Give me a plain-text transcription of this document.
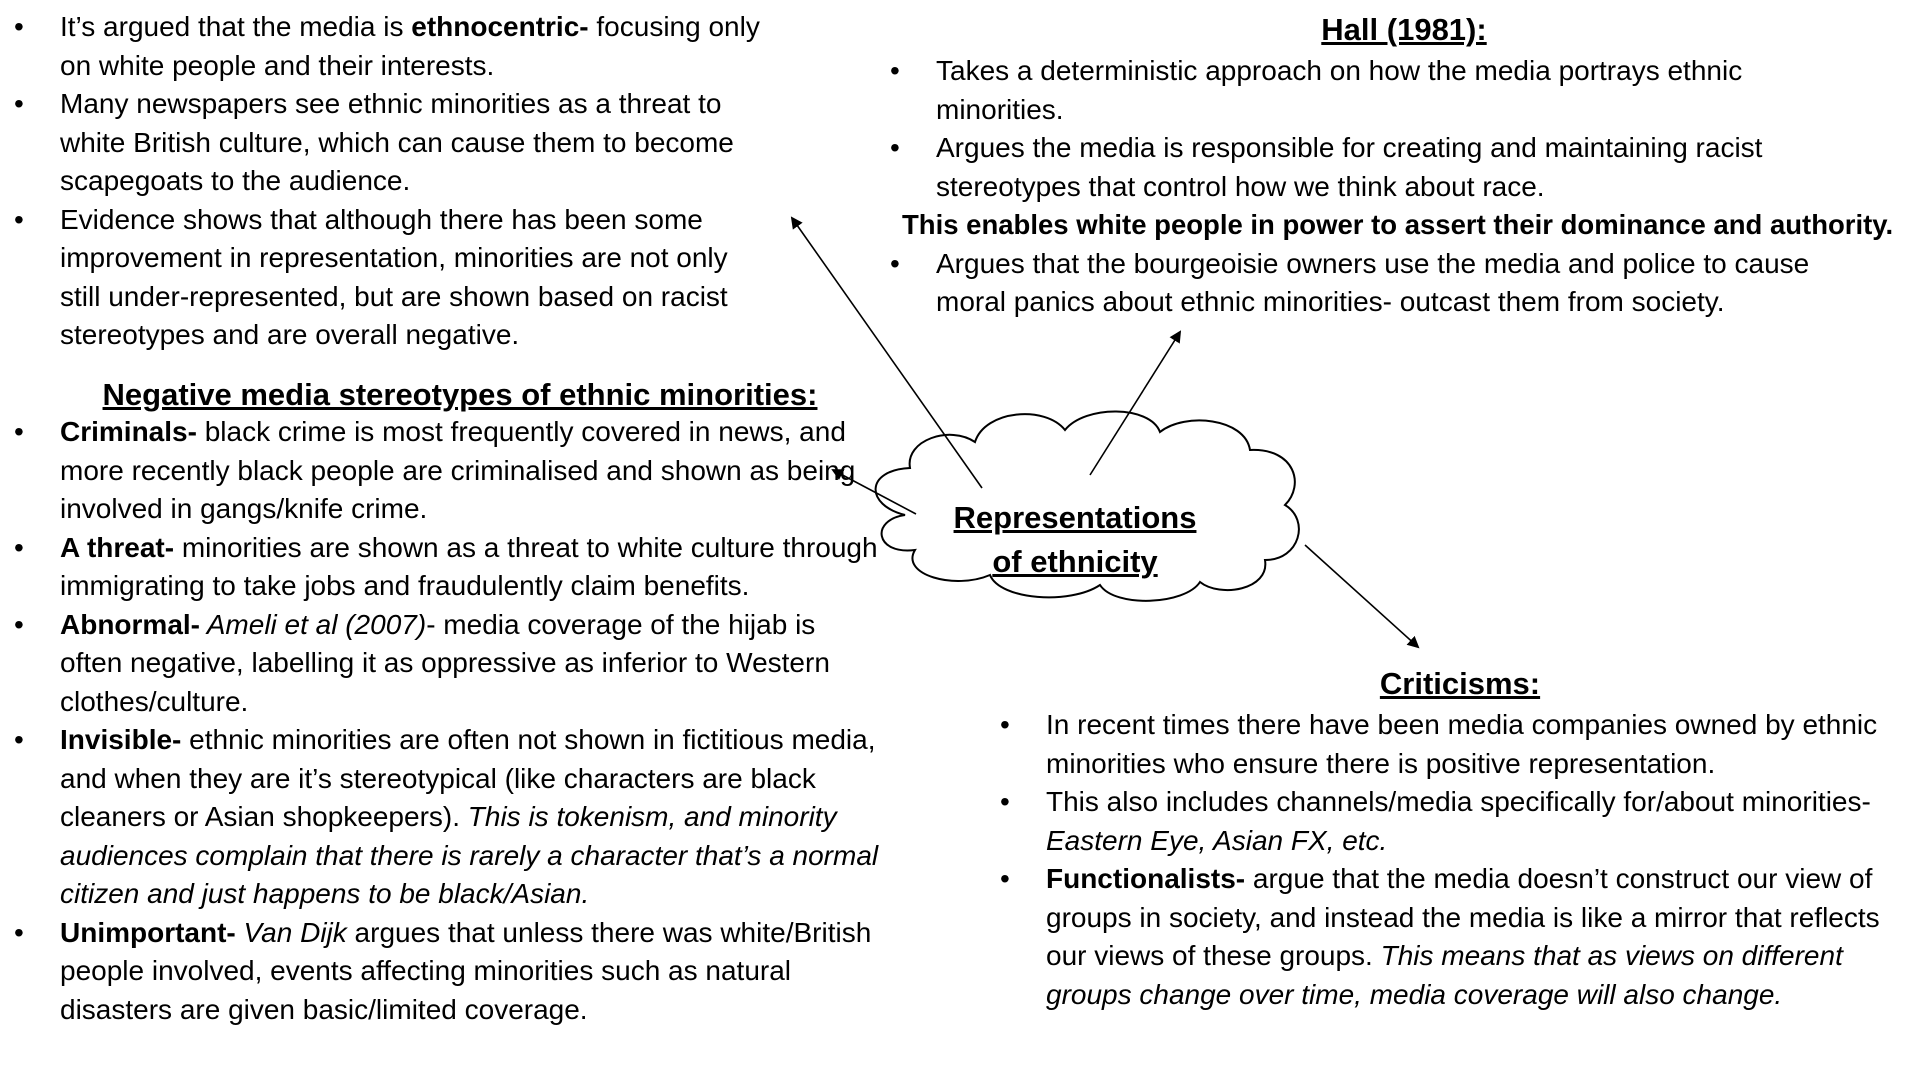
• It’s argued that the media is ethnocentric- focusing only on white people and their interests.
• Many newspapers see ethnic minorities as a threat to white British culture, which can cause them to become scapegoats to the audience.
• Evidence shows that although there has been some improvement in representation, minorities are not only still under-represented, but are shown based on racist stereotypes and are overall negative.
Negative media stereotypes of ethnic minorities:
• Criminals- black crime is most frequently covered in news, and more recently black people are criminalised and shown as being involved in gangs/knife crime.
• A threat- minorities are shown as a threat to white culture through immigrating to take jobs and fraudulently claim benefits.
• Abnormal- Ameli et al (2007)- media coverage of the hijab is often negative, labelling it as oppressive as inferior to Western clothes/culture.
• Invisible- ethnic minorities are often not shown in fictitious media, and when they are it’s stereotypical (like characters are black cleaners or Asian shopkeepers). This is tokenism, and minority audiences complain that there is rarely a character that’s a normal citizen and just happens to be black/Asian.
• Unimportant- Van Dijk argues that unless there was white/British people involved, events affecting minorities such as natural disasters are given basic/limited coverage.
Hall (1981):
• Takes a deterministic approach on how the media portrays ethnic minorities.
• Argues the media is responsible for creating and maintaining racist stereotypes that control how we think about race.
This enables white people in power to assert their dominance and authority.
• Argues that the bourgeoisie owners use the media and police to cause moral panics about ethnic minorities- outcast them from society.
Representations
of ethnicity
Criticisms:
• In recent times there have been media companies owned by ethnic minorities who ensure there is positive representation.
• This also includes channels/media specifically for/about minorities- Eastern Eye, Asian FX, etc.
• Functionalists- argue that the media doesn’t construct our view of groups in society, and instead the media is like a mirror that reflects our views of these groups. This means that as views on different groups change over time, media coverage will also change.
